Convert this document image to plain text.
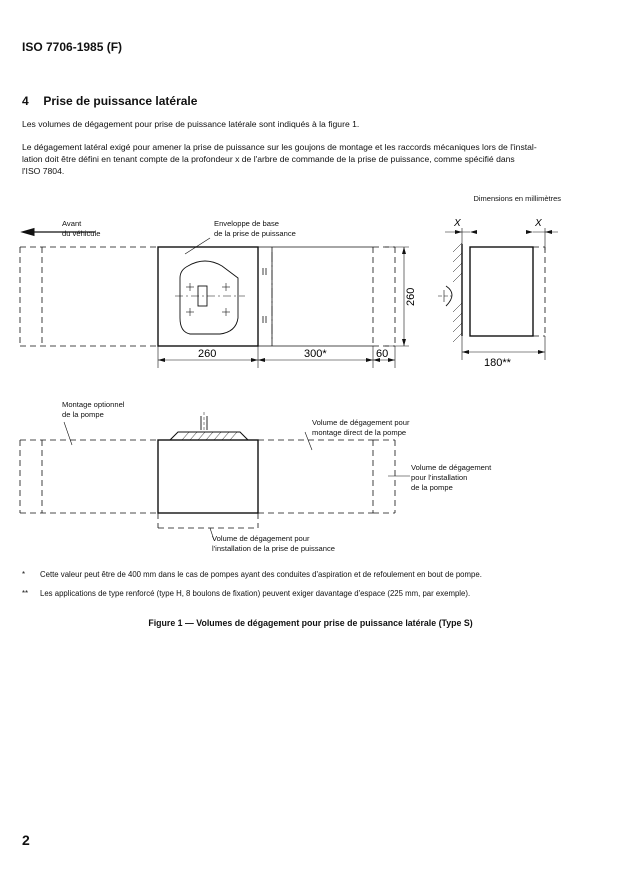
ISO 7706-1985 (F)
4 Prise de puissance latérale
Les volumes de dégagement pour prise de puissance latérale sont indiqués à la figure 1.
Le dégagement latéral exigé pour amener la prise de puissance sur les goujons de montage et les raccords mécaniques lors de l'instal-
lation doit être défini en tenant compte de la profondeur x de l'arbre de commande de la prise de puissance, comme spécifié dans
l'ISO 7804.
Dimensions en millimètres
260	300*	60
260
180**
X	X
Avant
du véhicule
Enveloppe de base
de la prise de puissance
Montage optionnel
de la pompe
Volume de dégagement pour
montage direct de la pompe
Volume de dégagement
pour l'installation
de la pompe
Volume de dégagement pour
l'installation de la prise de puissance
* Cette valeur peut être de 400 mm dans le cas de pompes ayant des conduites d'aspiration et de refoulement en bout de pompe.
** Les applications de type renforcé (type H, 8 boulons de fixation) peuvent exiger davantage d'espace (225 mm, par exemple).
Figure 1 — Volumes de dégagement pour prise de puissance latérale (Type S)
2
